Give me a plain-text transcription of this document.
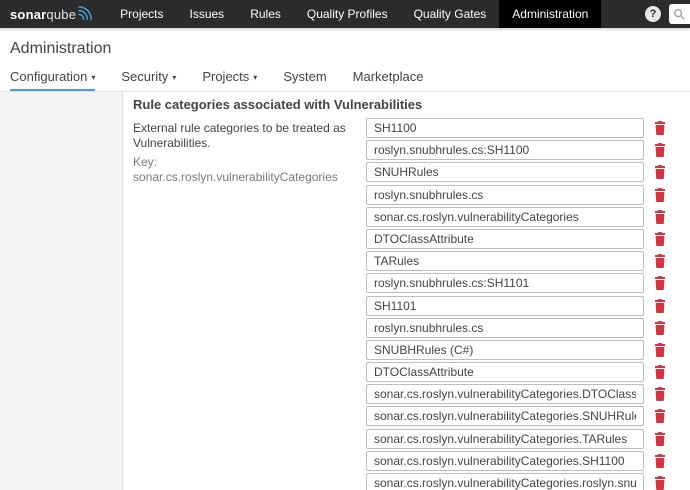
sonar qube	Projects	Issues	Rules	Quality Profiles	Quality Gates	Administration	?
Administration
Configuration ▾ Security ▾ Projects ▾ System Marketplace
Rule categories associated with Vulnerabilities

External rule categories to be treated as Vulnerabilities.

Key: sonar.cs.roslyn.vulnerabilityCategories

SH1100
roslyn.snubhrules.cs:SH1100
SNUHRules
roslyn.snubhrules.cs
sonar.cs.roslyn.vulnerabilityCategories
DTOClassAttribute
TARules
roslyn.snubhrules.cs:SH1101
SH1101
roslyn.snubhrules.cs
SNUBHRules (C#)
DTOClassAttribute
sonar.cs.roslyn.vulnerabilityCategories.DTOClassAttribute
sonar.cs.roslyn.vulnerabilityCategories.SNUHRules
sonar.cs.roslyn.vulnerabilityCategories.TARules
sonar.cs.roslyn.vulnerabilityCategories.SH1100
sonar.cs.roslyn.vulnerabilityCategories.roslyn.snubhrules.cs
